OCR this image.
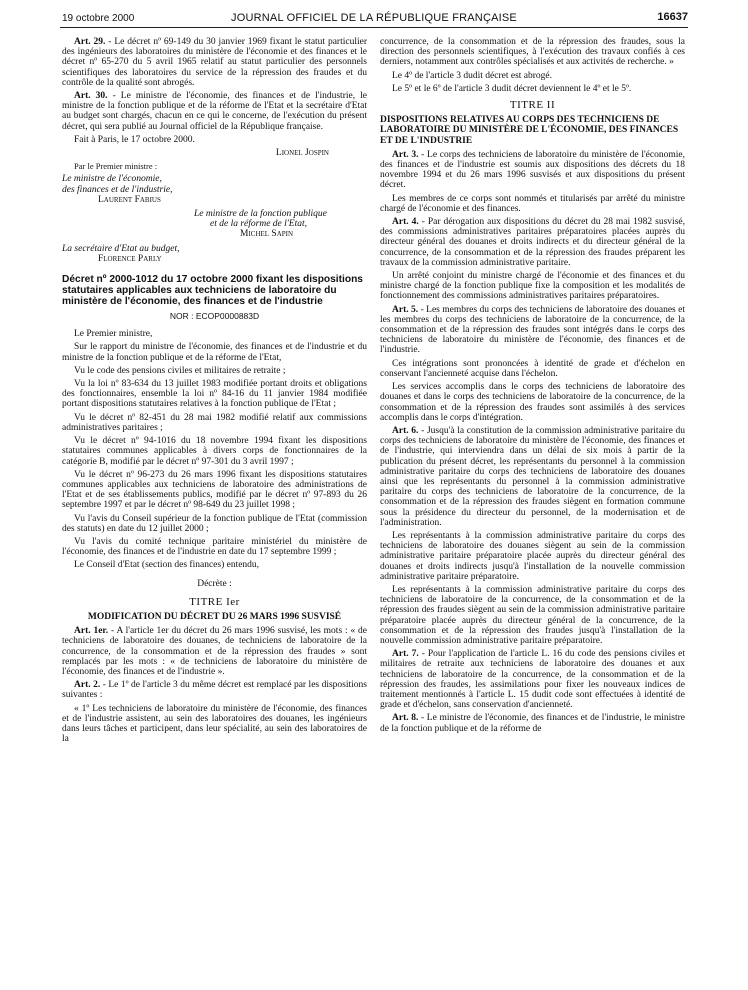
19 octobre 2000	JOURNAL OFFICIEL DE LA RÉPUBLIQUE FRANÇAISE	16637

Art. 29. - Le décret nº 69-149 du 30 janvier 1969 fixant le statut particulier des ingénieurs des laboratoires du ministère de l'économie et des finances et le décret nº 65-270 du 5 avril 1965 relatif au statut particulier des personnels scientifiques des laboratoires du service de la répression des fraudes et du contrôle de la qualité sont abrogés.

Art. 30. - Le ministre de l'économie, des finances et de l'industrie, le ministre de la fonction publique et de la réforme de l'Etat et la secrétaire d'Etat au budget sont chargés, chacun en ce qui le concerne, de l'exécution du présent décret, qui sera publié au Journal officiel de la République française.

Fait à Paris, le 17 octobre 2000.

Lionel Jospin

Par le Premier ministre :

Le ministre de l'économie,

des finances et de l'industrie,

Laurent Fabius

Le ministre de la fonction publique

et de la réforme de l'Etat,

Michel Sapin

La secrétaire d'Etat au budget,

Florence Parly

Décret nº 2000-1012 du 17 octobre 2000 fixant les dispositions statutaires applicables aux techniciens de laboratoire du ministère de l'économie, des finances et de l'industrie
NOR : ECOP0000883D

Le Premier ministre,

Sur le rapport du ministre de l'économie, des finances et de l'industrie et du ministre de la fonction publique et de la réforme de l'Etat,

Vu le code des pensions civiles et militaires de retraite ;

Vu la loi nº 83-634 du 13 juillet 1983 modifiée portant droits et obligations des fonctionnaires, ensemble la loi nº 84-16 du 11 janvier 1984 modifiée portant dispositions statutaires relatives à la fonction publique de l'Etat ;

Vu le décret nº 82-451 du 28 mai 1982 modifié relatif aux commissions administratives paritaires ;

Vu le décret nº 94-1016 du 18 novembre 1994 fixant les dispositions statutaires communes applicables à divers corps de fonctionnaires de la catégorie B, modifié par le décret nº 97-301 du 3 avril 1997 ;

Vu le décret nº 96-273 du 26 mars 1996 fixant les dispositions statutaires communes applicables aux techniciens de laboratoire des administrations de l'Etat et de ses établissements publics, modifié par le décret nº 97-893 du 26 septembre 1997 et par le décret nº 98-649 du 23 juillet 1998 ;

Vu l'avis du Conseil supérieur de la fonction publique de l'Etat (commission des statuts) en date du 12 juillet 2000 ;

Vu l'avis du comité technique paritaire ministériel du ministère de l'économie, des finances et de l'industrie en date du 17 septembre 1999 ;

Le Conseil d'Etat (section des finances) entendu,

Décrète :
TITRE Ier
MODIFICATION DU DÉCRET DU 26 MARS 1996 SUSVISÉ

Art. 1er. - A l'article 1er du décret du 26 mars 1996 susvisé, les mots : « de techniciens de laboratoire des douanes, de techniciens de laboratoire de la concurrence, de la consommation et de la répression des fraudes » sont remplacés par les mots : « de techniciens de laboratoire du ministère de l'économie, des finances et de l'industrie ».

Art. 2. - Le 1º de l'article 3 du même décret est remplacé par les dispositions suivantes :

« 1º Les techniciens de laboratoire du ministère de l'économie, des finances et de l'industrie assistent, au sein des laboratoires des douanes, les ingénieurs dans leurs tâches et participent, dans leur spécialité, au sein des laboratoires de la

concurrence, de la consommation et de la répression des fraudes, sous la direction des personnels scientifiques, à l'exécution des travaux confiés à ces derniers, notamment aux contrôles spécialisés et aux activités de recherche. »

Le 4º de l'article 3 dudit décret est abrogé.

Le 5º et le 6º de l'article 3 dudit décret deviennent le 4º et le 5º.

TITRE II
DISPOSITIONS RELATIVES AU CORPS DES TECHNICIENS DE LABORATOIRE DU MINISTÈRE DE L'ÉCONOMIE, DES FINANCES ET DE L'INDUSTRIE

Art. 3. - Le corps des techniciens de laboratoire du ministère de l'économie, des finances et de l'industrie est soumis aux dispositions des décrets du 18 novembre 1994 et du 26 mars 1996 susvisés et aux dispositions du présent décret.

Les membres de ce corps sont nommés et titularisés par arrêté du ministre chargé de l'économie et des finances.

Art. 4. - Par dérogation aux dispositions du décret du 28 mai 1982 susvisé, des commissions administratives paritaires préparatoires placées auprès du directeur général des douanes et droits indirects et du directeur général de la concurrence, de la consommation et de la répression des fraudes préparent les travaux de la commission administrative paritaire.

Un arrêté conjoint du ministre chargé de l'économie et des finances et du ministre chargé de la fonction publique fixe la composition et les modalités de fonctionnement des commissions administratives paritaires préparatoires.

Art. 5. - Les membres du corps des techniciens de laboratoire des douanes et les membres du corps des techniciens de laboratoire de la concurrence, de la consommation et de la répression des fraudes sont intégrés dans le corps des techniciens de laboratoire du ministère de l'économie, des finances et de l'industrie.

Ces intégrations sont prononcées à identité de grade et d'échelon en conservant l'ancienneté acquise dans l'échelon.

Les services accomplis dans le corps des techniciens de laboratoire des douanes et dans le corps des techniciens de laboratoire de la concurrence, de la consommation et de la répression des fraudes sont assimilés à des services accomplis dans le corps d'intégration.

Art. 6. - Jusqu'à la constitution de la commission administrative paritaire du corps des techniciens de laboratoire du ministère de l'économie, des finances et de l'industrie, qui interviendra dans un délai de six mois à partir de la publication du présent décret, les représentants du personnel à la commission administrative paritaire du corps des techniciens de laboratoire des douanes ainsi que les représentants du personnel à la commission administrative paritaire du corps des techniciens de laboratoire de la concurrence, de la consommation et de la répression des fraudes siègent en formation commune sous la présidence du directeur du personnel, de la modernisation et de l'administration.

Les représentants à la commission administrative paritaire du corps des techniciens de laboratoire des douanes siègent au sein de la commission administrative paritaire préparatoire placée auprès du directeur général des douanes et droits indirects jusqu'à l'installation de la nouvelle commission administrative paritaire préparatoire.

Les représentants à la commission administrative paritaire du corps des techniciens de laboratoire de la concurrence, de la consommation et de la répression des fraudes siègent au sein de la commission administrative paritaire préparatoire placée auprès du directeur général de la concurrence, de la consommation et de la répression des fraudes jusqu'à l'installation de la nouvelle commission administrative paritaire préparatoire.

Art. 7. - Pour l'application de l'article L. 16 du code des pensions civiles et militaires de retraite aux techniciens de laboratoire des douanes et aux techniciens de laboratoire de la concurrence, de la consommation et de la répression des fraudes, les assimilations pour fixer les nouveaux indices de traitement mentionnés à l'article L. 15 dudit code sont effectuées à identité de grade et d'échelon, sans conservation d'ancienneté.

Art. 8. - Le ministre de l'économie, des finances et de l'industrie, le ministre de la fonction publique et de la réforme de
